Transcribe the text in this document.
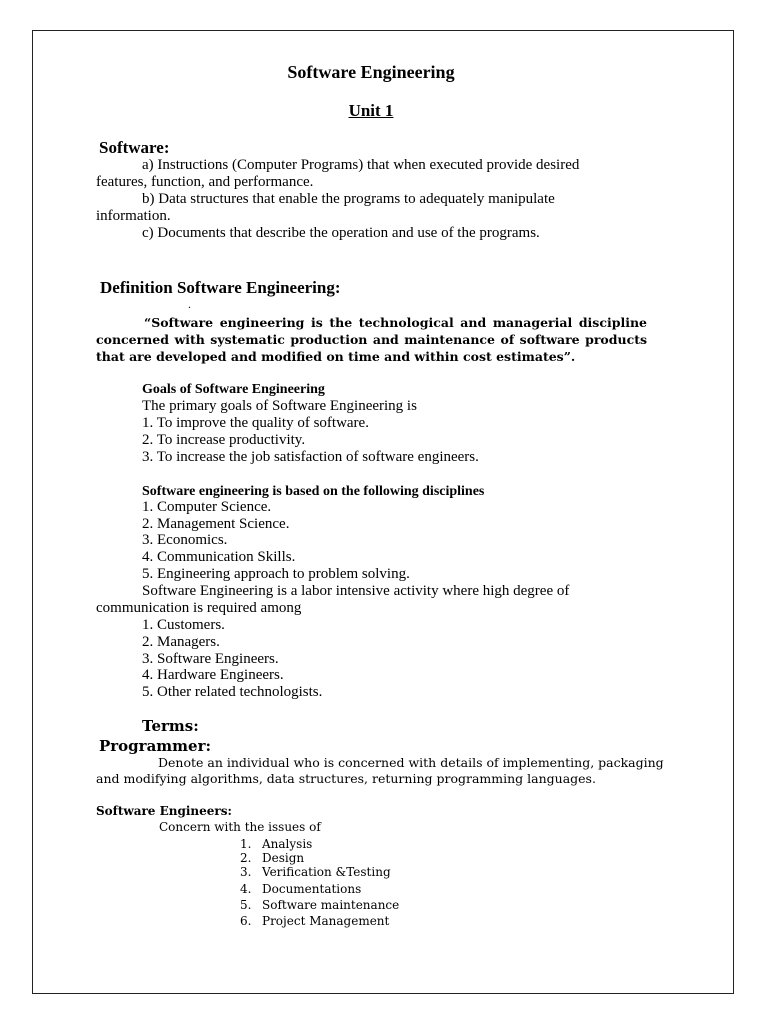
Software Engineering
Unit 1
Software:
a) Instructions (Computer Programs) that when executed provide desired
features, function, and performance.
b) Data structures that enable the programs to adequately manipulate
information.
c) Documents that describe the operation and use of the programs.
Definition Software Engineering:
.
“Software engineering is the technological and managerial discipline concerned with systematic production and maintenance of software products that are developed and modified on time and within cost estimates”.
Goals of Software Engineering
The primary goals of Software Engineering is
1. To improve the quality of software.
2. To increase productivity.
3. To increase the job satisfaction of software engineers.
Software engineering is based on the following disciplines
1. Computer Science.
2. Management Science.
3. Economics.
4. Communication Skills.
5. Engineering approach to problem solving.
Software Engineering is a labor intensive activity where high degree of
communication is required among
1. Customers.
2. Managers.
3. Software Engineers.
4. Hardware Engineers.
5. Other related technologists.
Terms:
Programmer:
Denote an individual who is concerned with details of implementing, packaging
and modifying algorithms, data structures, returning programming languages.
Software Engineers:
Concern with the issues of
1. Analysis
2. Design
3. Verification &Testing
4. Documentations
5. Software maintenance
6. Project Management
